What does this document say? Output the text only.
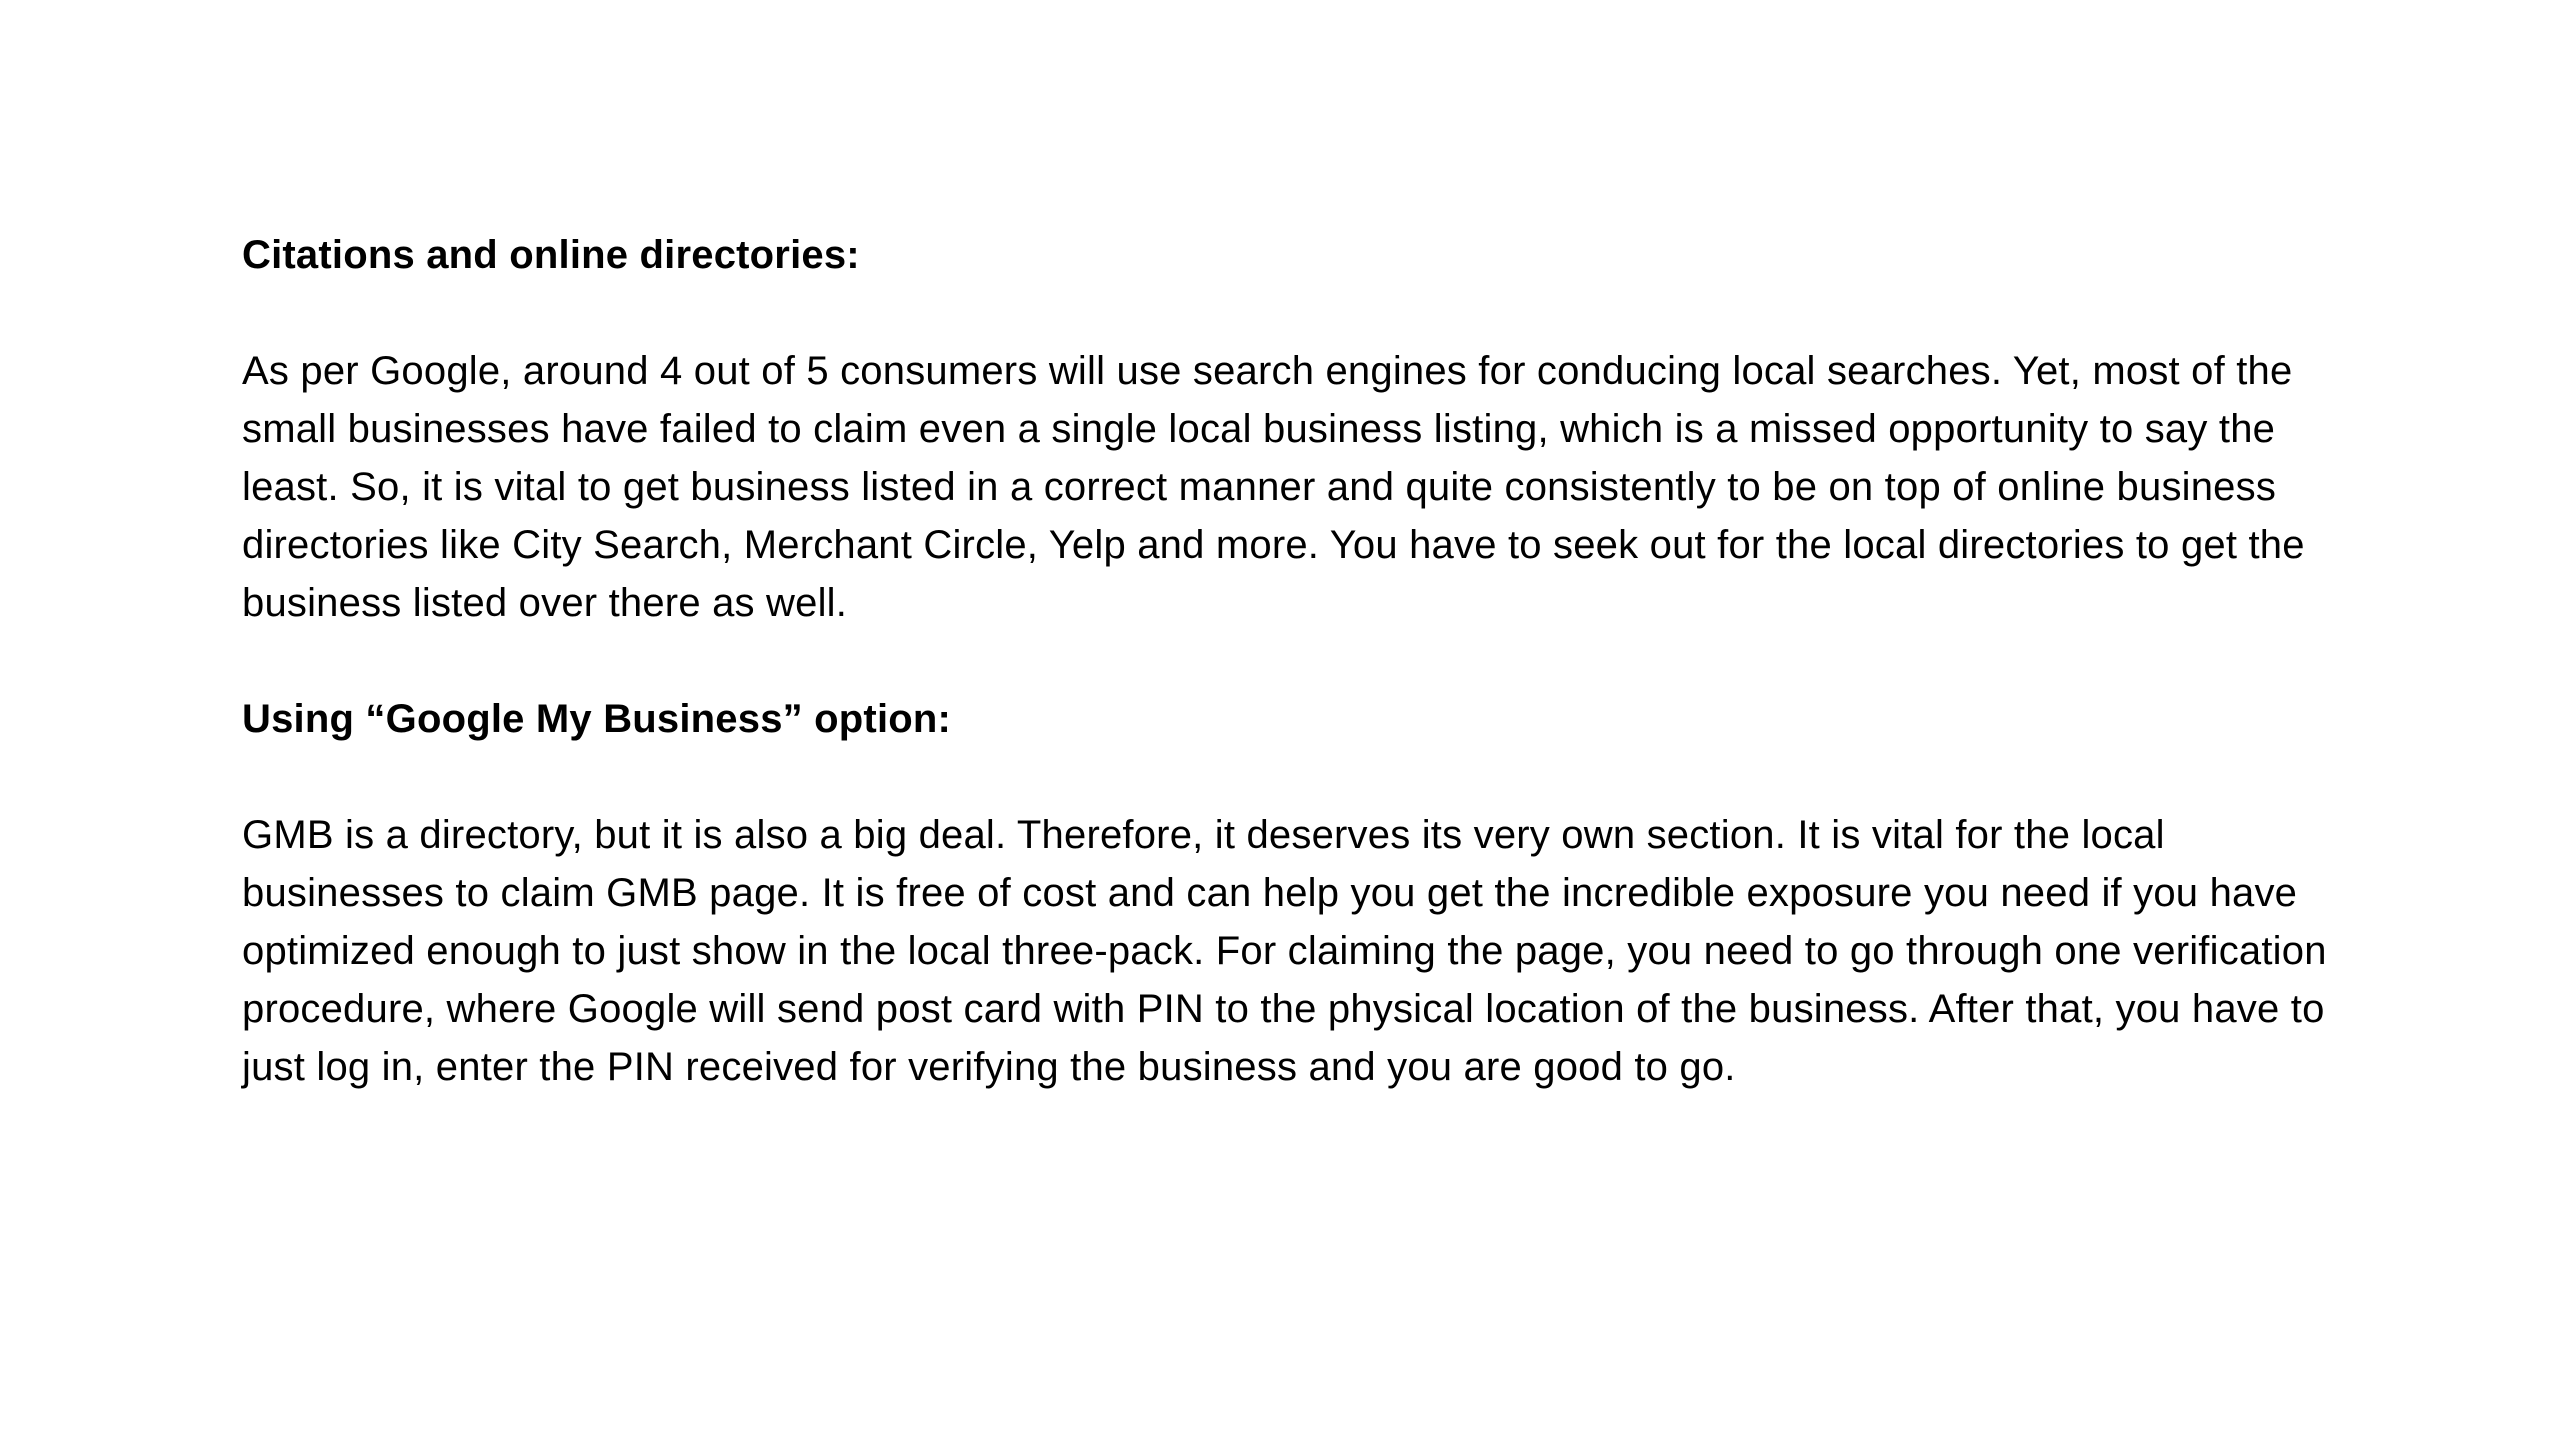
Citations and online directories:

As per Google, around 4 out of 5 consumers will use search engines for conducing local searches. Yet, most of the small businesses have failed to claim even a single local business listing, which is a missed opportunity to say the least. So, it is vital to get business listed in a correct manner and quite consistently to be on top of online business directories like City Search, Merchant Circle, Yelp and more. You have to seek out for the local directories to get the business listed over there as well.

Using “Google My Business” option:

GMB is a directory, but it is also a big deal. Therefore, it deserves its very own section. It is vital for the local businesses to claim GMB page. It is free of cost and can help you get the incredible exposure you need if you have optimized enough to just show in the local three-pack. For claiming the page, you need to go through one verification procedure, where Google will send post card with PIN to the physical location of the business. After that, you have to just log in, enter the PIN received for verifying the business and you are good to go.
